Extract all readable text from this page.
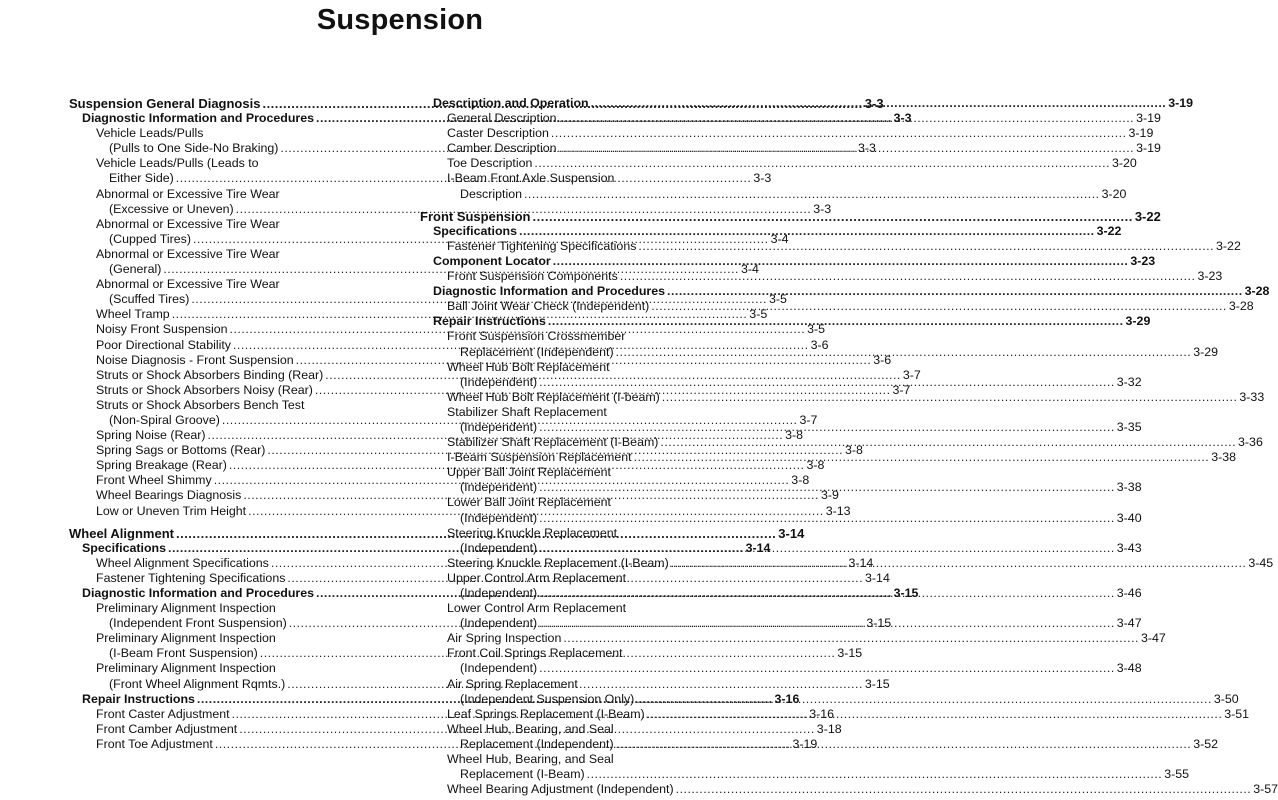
Suspension
Suspension General Diagnosis .....	3-3
Diagnostic Information and Procedures .....	3-3
Vehicle Leads/Pulls
(Pulls to One Side-No Braking) .....	3-3
Vehicle Leads/Pulls (Leads to
Either Side) .....	3-3
Abnormal or Excessive Tire Wear
(Excessive or Uneven) .....	3-3
Abnormal or Excessive Tire Wear
(Cupped Tires) .....	3-4
Abnormal or Excessive Tire Wear
(General) .....	3-4
Abnormal or Excessive Tire Wear
(Scuffed Tires) .....	3-5
Wheel Tramp .....	3-5
Noisy Front Suspension .....	3-5
Poor Directional Stability .....	3-6
Noise Diagnosis - Front Suspension .....	3-6
Struts or Shock Absorbers Binding (Rear) .....	3-7
Struts or Shock Absorbers Noisy (Rear) .....	3-7
Struts or Shock Absorbers Bench Test
(Non-Spiral Groove) .....	3-7
Spring Noise (Rear) .....	3-8
Spring Sags or Bottoms (Rear) .....	3-8
Spring Breakage (Rear) .....	3-8
Front Wheel Shimmy .....	3-8
Wheel Bearings Diagnosis .....	3-9
Low or Uneven Trim Height .....	3-13
Wheel Alignment .....	3-14
Specifications .....	3-14
Wheel Alignment Specifications .....	3-14
Fastener Tightening Specifications .....	3-14
Diagnostic Information and Procedures .....	3-15
Preliminary Alignment Inspection
(Independent Front Suspension) .....	3-15
Preliminary Alignment Inspection
(I-Beam Front Suspension) .....	3-15
Preliminary Alignment Inspection
(Front Wheel Alignment Rqmts.) .....	3-15
Repair Instructions .....	3-16
Front Caster Adjustment .....	3-16
Front Camber Adjustment .....	3-18
Front Toe Adjustment .....	3-19
Description and Operation .....	3-19
General Description .....	3-19
Caster Description .....	3-19
Camber Description .....	3-19
Toe Description .....	3-20
I-Beam Front Axle Suspension
Description .....	3-20
Front Suspension .....	3-22
Specifications .....	3-22
Fastener Tightening Specifications .....	3-22
Component Locator .....	3-23
Front Suspension Components .....	3-23
Diagnostic Information and Procedures .....	3-28
Ball Joint Wear Check (Independent) .....	3-28
Repair Instructions .....	3-29
Front Suspension Crossmember
Replacement (Independent) .....	3-29
Wheel Hub Bolt Replacement
(Independent) .....	3-32
Wheel Hub Bolt Replacement (I-beam) .....	3-33
Stabilizer Shaft Replacement
(Independent) .....	3-35
Stabilizer Shaft Replacement (I-Beam) .....	3-36
I-Beam Suspension Replacement .....	3-38
Upper Ball Joint Replacement
(Independent) .....	3-38
Lower Ball Joint Replacement
(Independent) .....	3-40
Steering Knuckle Replacement
(Independent) .....	3-43
Steering Knuckle Replacement (I-Beam) .....	3-45
Upper Control Arm Replacement
(Independent) .....	3-46
Lower Control Arm Replacement
(Independent) .....	3-47
Air Spring Inspection .....	3-47
Front Coil Springs Replacement
(Independent) .....	3-48
Air Spring Replacement
(Independent Suspension Only) .....	3-50
Leaf Springs Replacement (I-Beam) .....	3-51
Wheel Hub, Bearing, and Seal
Replacement (Independent) .....	3-52
Wheel Hub, Bearing, and Seal
Replacement (I-Beam) .....	3-55
Wheel Bearing Adjustment (Independent) .....	3-57
